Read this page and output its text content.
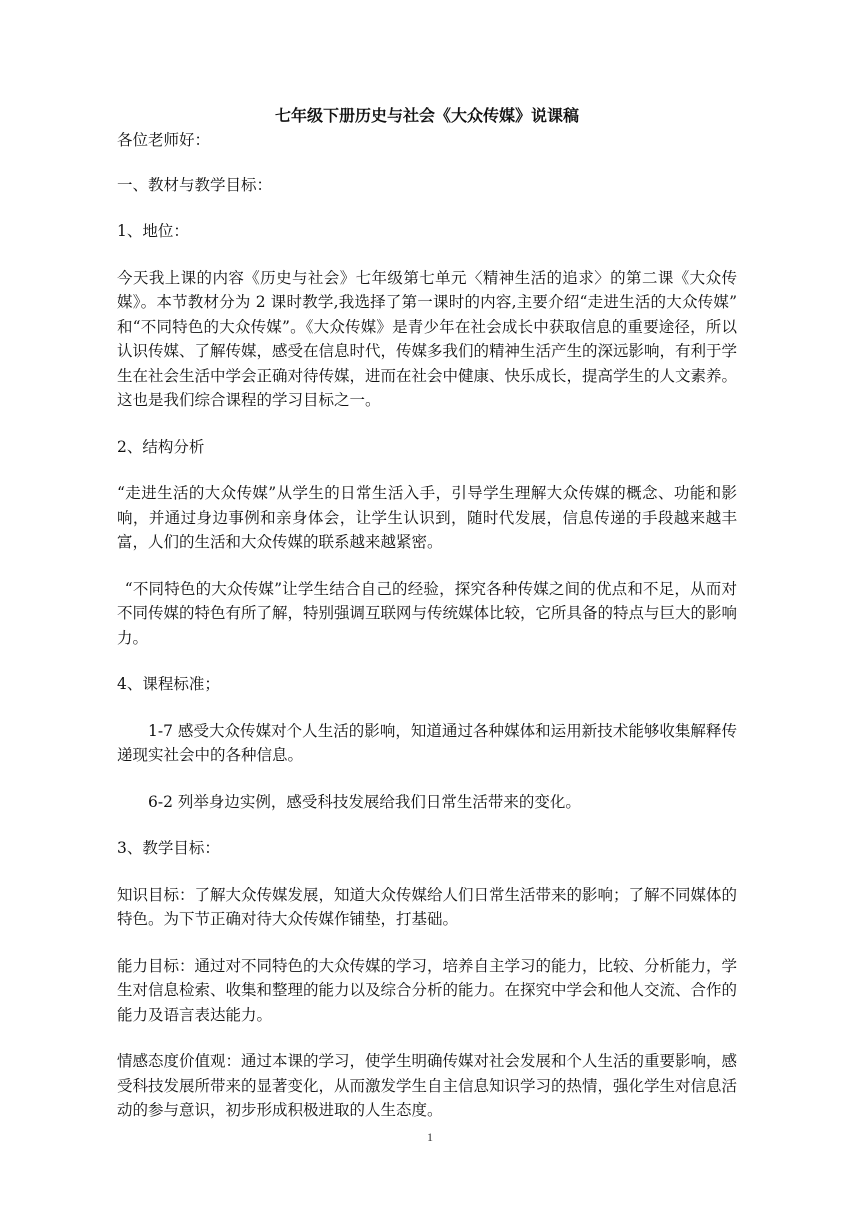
七年级下册历史与社会《大众传媒》说课稿

各位老师好：

一、教材与教学目标：

1、地位：

今天我上课的内容《历史与社会》七年级第七单元〈精神生活的追求〉的第二课《大众传媒》。本节教材分为 2 课时教学,我选择了第一课时的内容,主要介绍“走进生活的大众传媒” 和“不同特色的大众传媒”。《大众传媒》是青少年在社会成长中获取信息的重要途径，所以认识传媒、了解传媒，感受在信息时代，传媒多我们的精神生活产生的深远影响，有利于学生在社会生活中学会正确对待传媒，进而在社会中健康、快乐成长，提高学生的人文素养。这也是我们综合课程的学习目标之一。

2、结构分析

“走进生活的大众传媒”从学生的日常生活入手，引导学生理解大众传媒的概念、功能和影响，并通过身边事例和亲身体会，让学生认识到，随时代发展，信息传递的手段越来越丰富，人们的生活和大众传媒的联系越来越紧密。

“不同特色的大众传媒”让学生结合自己的经验，探究各种传媒之间的优点和不足，从而对不同传媒的特色有所了解，特别强调互联网与传统媒体比较，它所具备的特点与巨大的影响力。

4、课程标准；

1-7 感受大众传媒对个人生活的影响，知道通过各种媒体和运用新技术能够收集解释传递现实社会中的各种信息。

6-2 列举身边实例，感受科技发展给我们日常生活带来的变化。

3、教学目标：

知识目标：了解大众传媒发展，知道大众传媒给人们日常生活带来的影响；了解不同媒体的特色。为下节正确对待大众传媒作铺垫，打基础。

能力目标：通过对不同特色的大众传媒的学习，培养自主学习的能力，比较、分析能力，学生对信息检索、收集和整理的能力以及综合分析的能力。在探究中学会和他人交流、合作的能力及语言表达能力。

情感态度价值观：通过本课的学习，使学生明确传媒对社会发展和个人生活的重要影响，感受科技发展所带来的显著变化，从而激发学生自主信息知识学习的热情，强化学生对信息活动的参与意识，初步形成积极进取的人生态度。

1
